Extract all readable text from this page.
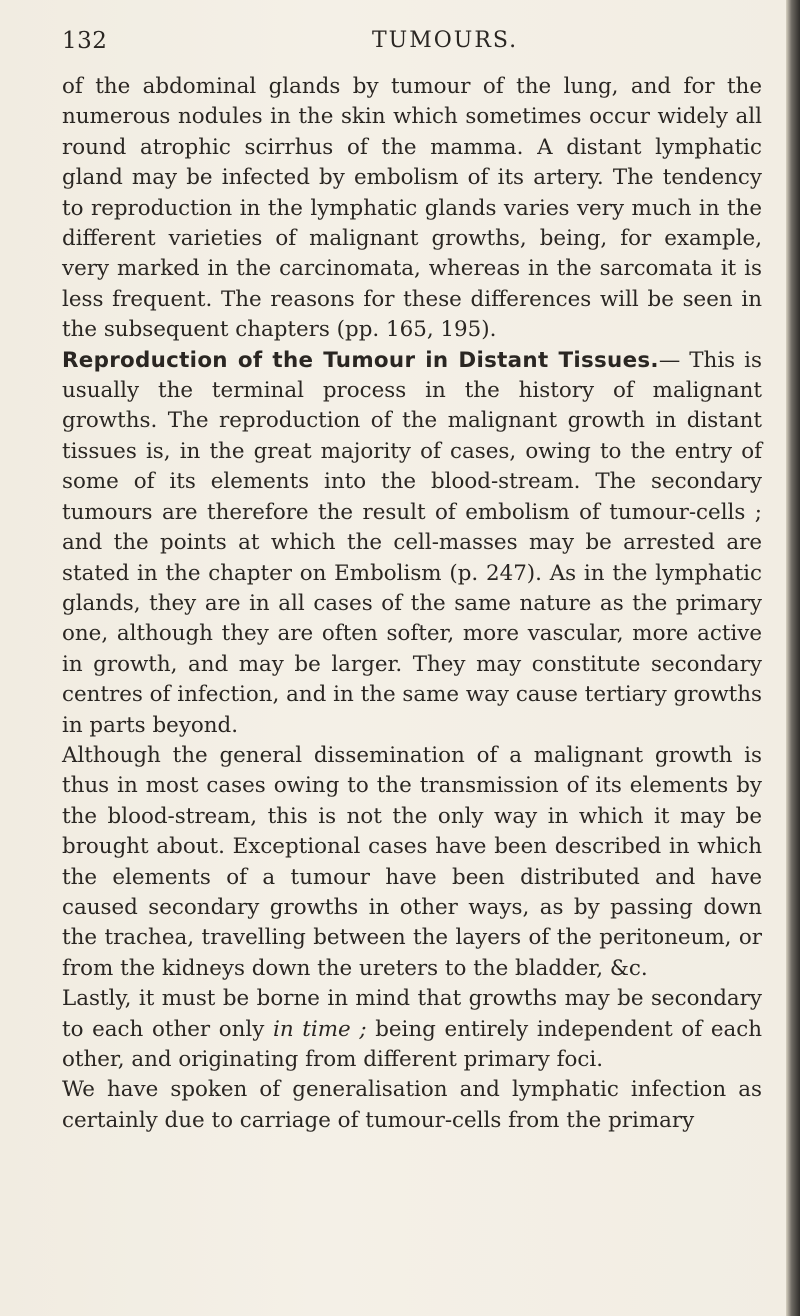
132	TUMOURS.

of the abdominal glands by tumour of the lung, and for the numerous nodules in the skin which sometimes occur widely all round atrophic scirrhus of the mamma. A distant lymphatic gland may be infected by embolism of its artery. The tendency to reproduction in the lymphatic glands varies very much in the different varieties of malignant growths, being, for example, very marked in the carcinomata, whereas in the sarcomata it is less frequent. The reasons for these differences will be seen in the subsequent chapters (pp. 165, 195).

Reproduction of the Tumour in Distant Tissues.— This is usually the terminal process in the history of malignant growths. The reproduction of the malignant growth in distant tissues is, in the great majority of cases, owing to the entry of some of its elements into the blood-stream. The secondary tumours are therefore the result of embolism of tumour-cells ; and the points at which the cell-masses may be arrested are stated in the chapter on Embolism (p. 247). As in the lymphatic glands, they are in all cases of the same nature as the primary one, although they are often softer, more vascular, more active in growth, and may be larger. They may constitute secondary centres of infection, and in the same way cause tertiary growths in parts beyond.

Although the general dissemination of a malignant growth is thus in most cases owing to the transmission of its elements by the blood-stream, this is not the only way in which it may be brought about. Exceptional cases have been described in which the elements of a tumour have been distributed and have caused secondary growths in other ways, as by passing down the trachea, travelling between the layers of the peritoneum, or from the kidneys down the ureters to the bladder, &c.

Lastly, it must be borne in mind that growths may be secondary to each other only in time ; being entirely independent of each other, and originating from different primary foci.

We have spoken of generalisation and lymphatic infection as certainly due to carriage of tumour-cells from the primary
